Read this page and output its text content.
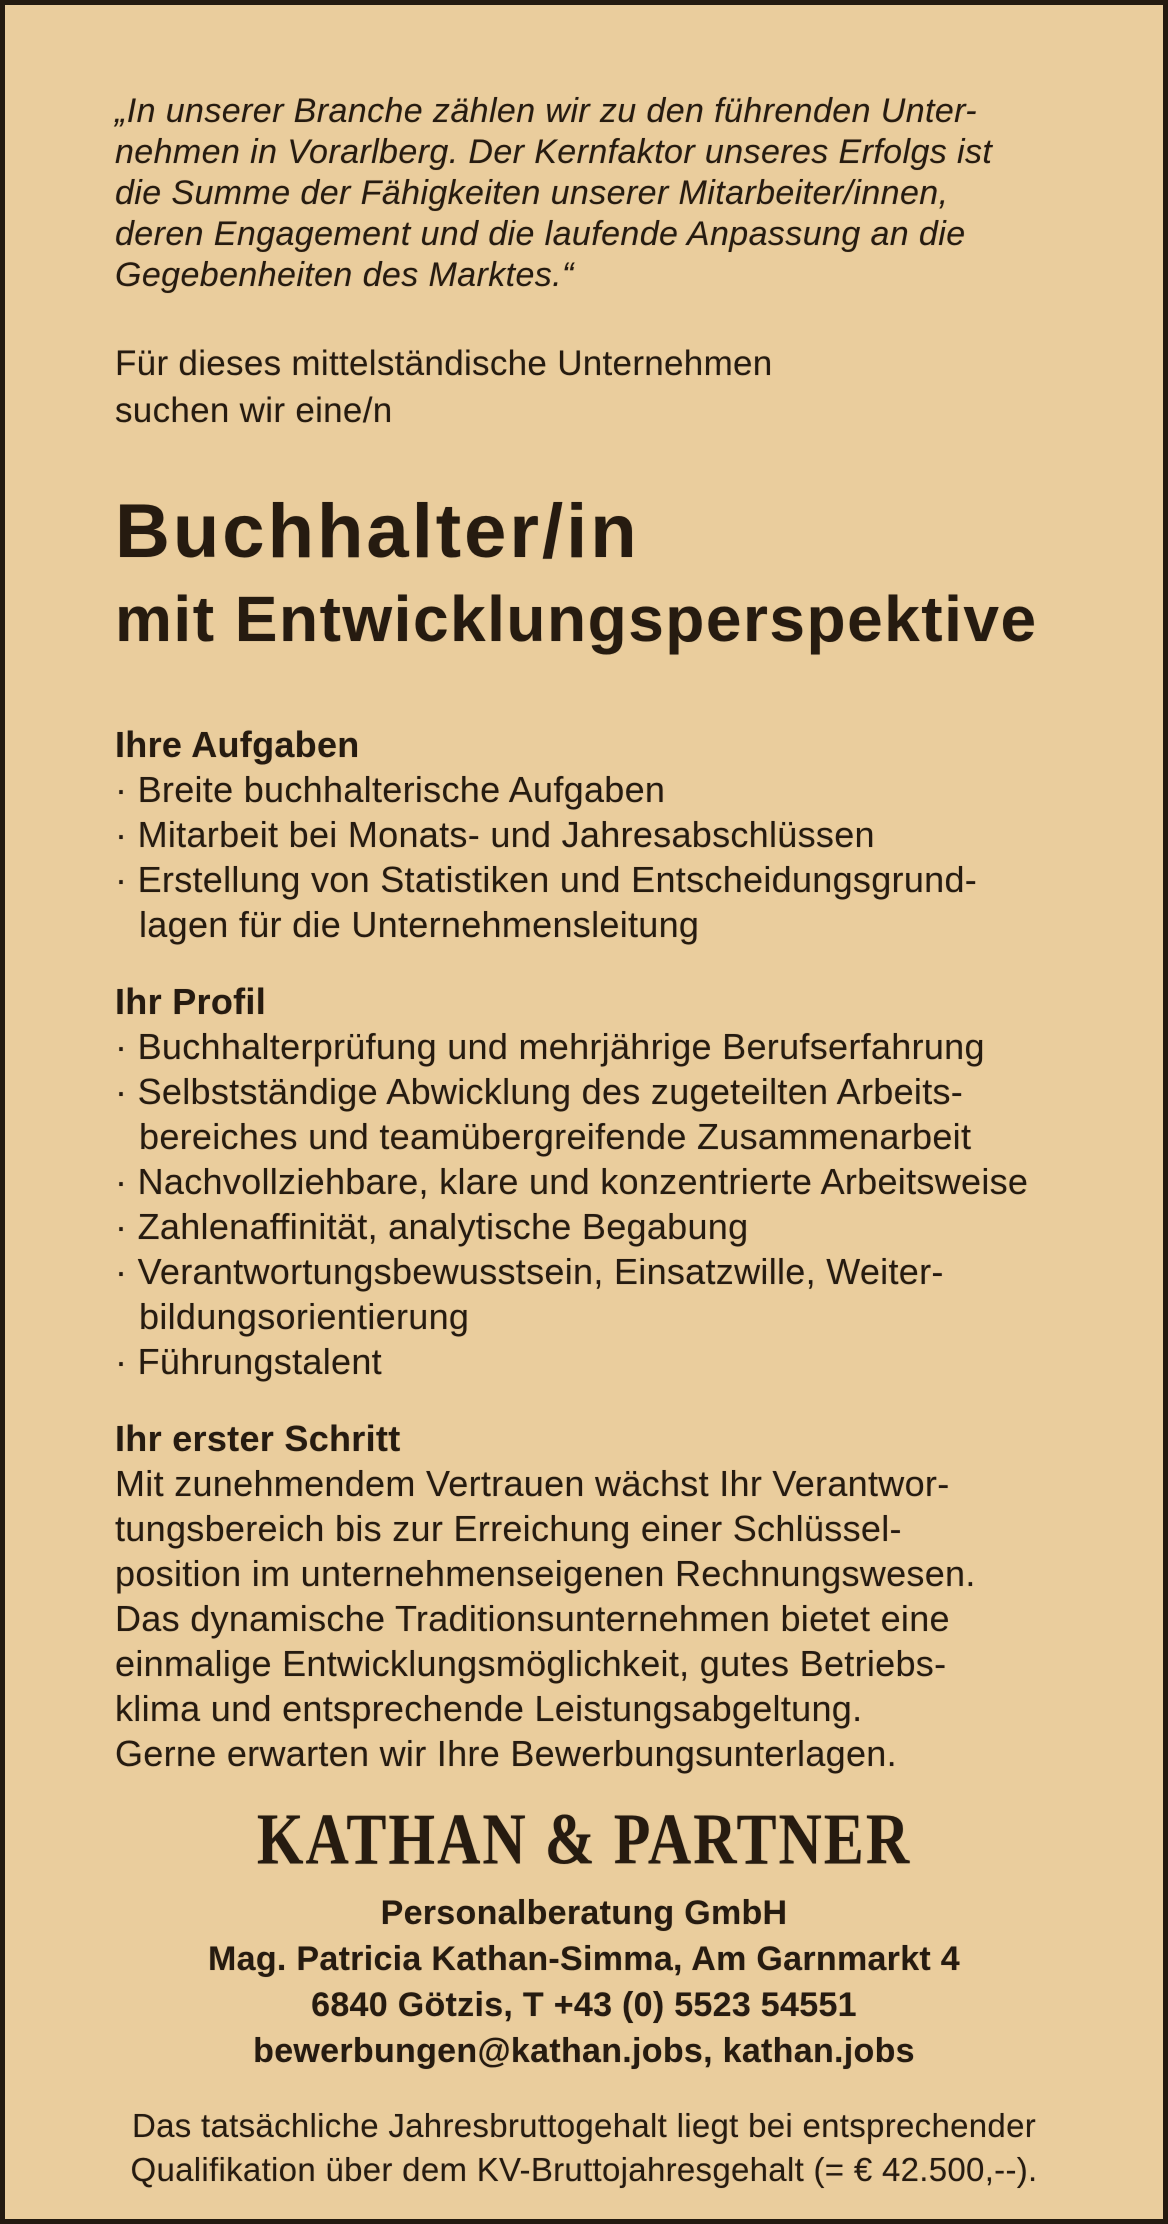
„In unserer Branche zählen wir zu den führenden Unter-
nehmen in Vorarlberg. Der Kernfaktor unseres Erfolgs ist
die Summe der Fähigkeiten unserer Mitarbeiter/innen,
deren Engagement und die laufende Anpassung an die
Gegebenheiten des Marktes.“
Für dieses mittelständische Unternehmen
suchen wir eine/n
Buchhalter/in
mit Entwicklungsperspektive
Ihre Aufgaben
· Breite buchhalterische Aufgaben
· Mitarbeit bei Monats- und Jahresabschlüssen
· Erstellung von Statistiken und Entscheidungsgrund-
lagen für die Unternehmensleitung
Ihr Profil
· Buchhalterprüfung und mehrjährige Berufserfahrung
· Selbstständige Abwicklung des zugeteilten Arbeits-
bereiches und teamübergreifende Zusammenarbeit
· Nachvollziehbare, klare und konzentrierte Arbeitsweise
· Zahlenaffinität, analytische Begabung
· Verantwortungsbewusstsein, Einsatzwille, Weiter-
bildungsorientierung
· Führungstalent
Ihr erster Schritt
Mit zunehmendem Vertrauen wächst Ihr Verantwor-
tungsbereich bis zur Erreichung einer Schlüssel-
position im unternehmenseigenen Rechnungswesen.
Das dynamische Traditionsunternehmen bietet eine
einmalige Entwicklungsmöglichkeit, gutes Betriebs-
klima und entsprechende Leistungsabgeltung.
Gerne erwarten wir Ihre Bewerbungsunterlagen.
KATHAN & PARTNER
Personalberatung GmbH
Mag. Patricia Kathan-Simma, Am Garnmarkt 4
6840 Götzis, T +43 (0) 5523 54551
bewerbungen@kathan.jobs, kathan.jobs
Das tatsächliche Jahresbruttogehalt liegt bei entsprechender
Qualifikation über dem KV-Bruttojahresgehalt (= € 42.500,--).
